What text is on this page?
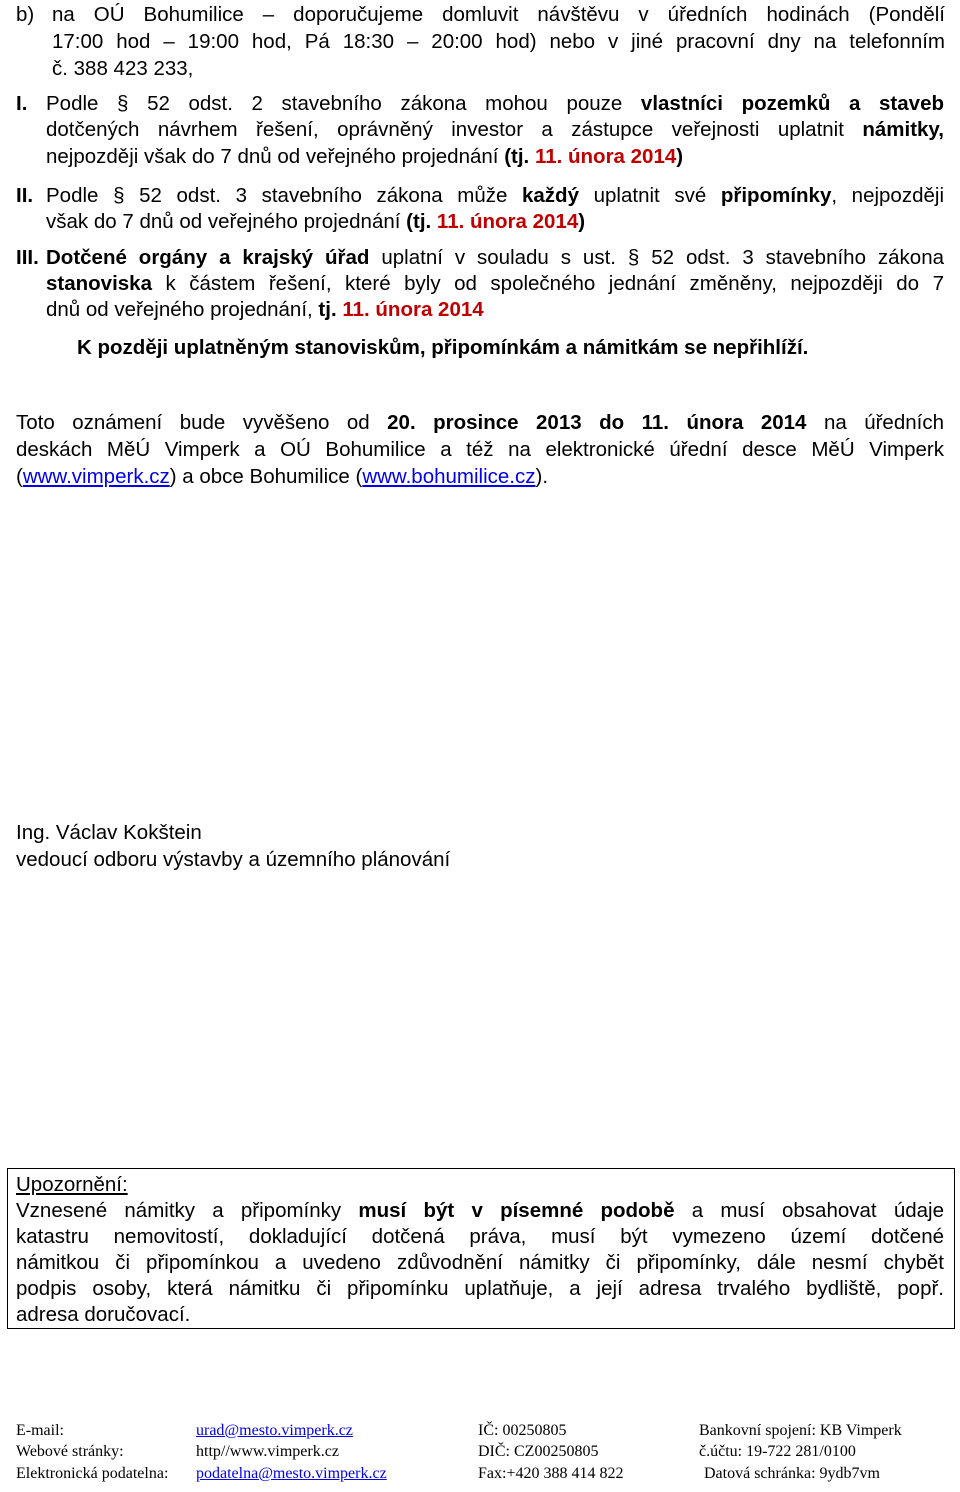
b) na OÚ Bohumilice – doporučujeme domluvit návštěvu v úředních hodinách (Pondělí
17:00 hod – 19:00 hod, Pá 18:30 – 20:00 hod) nebo v jiné pracovní dny na telefonním
č. 388 423 233,
I. Podle § 52 odst. 2 stavebního zákona mohou pouze vlastníci pozemků a staveb
dotčených návrhem řešení, oprávněný investor a zástupce veřejnosti uplatnit námitky,
nejpozději však do 7 dnů od veřejného projednání (tj. 11. února 2014)
II. Podle § 52 odst. 3 stavebního zákona může každý uplatnit své připomínky, nejpozději
však do 7 dnů od veřejného projednání (tj. 11. února 2014)
III. Dotčené orgány a krajský úřad uplatní v souladu s ust. § 52 odst. 3 stavebního zákona
stanoviska k částem řešení, které byly od společného jednání změněny, nejpozději do 7
dnů od veřejného projednání, tj. 11. února 2014
K později uplatněným stanoviskům, připomínkám a námitkám se nepřihlíží.
Toto oznámení bude vyvěšeno od 20. prosince 2013 do 11. února 2014 na úředních
deskách MěÚ Vimperk a OÚ Bohumilice a též na elektronické úřední desce MěÚ Vimperk
(www.vimperk.cz) a obce Bohumilice (www.bohumilice.cz).
Ing. Václav Kokštein
vedoucí odboru výstavby a územního plánování
Upozornění:
Vznesené námitky a připomínky musí být v písemné podobě a musí obsahovat údaje
katastru nemovitostí, dokladující dotčená práva, musí být vymezeno území dotčené
námitkou či připomínkou a uvedeno zdůvodnění námitky či připomínky, dále nesmí chybět
podpis osoby, která námitku či připomínku uplatňuje, a její adresa trvalého bydliště, popř.
adresa doručovací.
E-mail:	urad@mesto.vimperk.cz	IČ: 00250805	Bankovní spojení: KB Vimperk
Webové stránky:	http//www.vimperk.cz	DIČ: CZ00250805	č.účtu: 19-722 281/0100
Elektronická podatelna: podatelna@mesto.vimperk.cz	Fax:+420 388 414 822	Datová schránka: 9ydb7vm
